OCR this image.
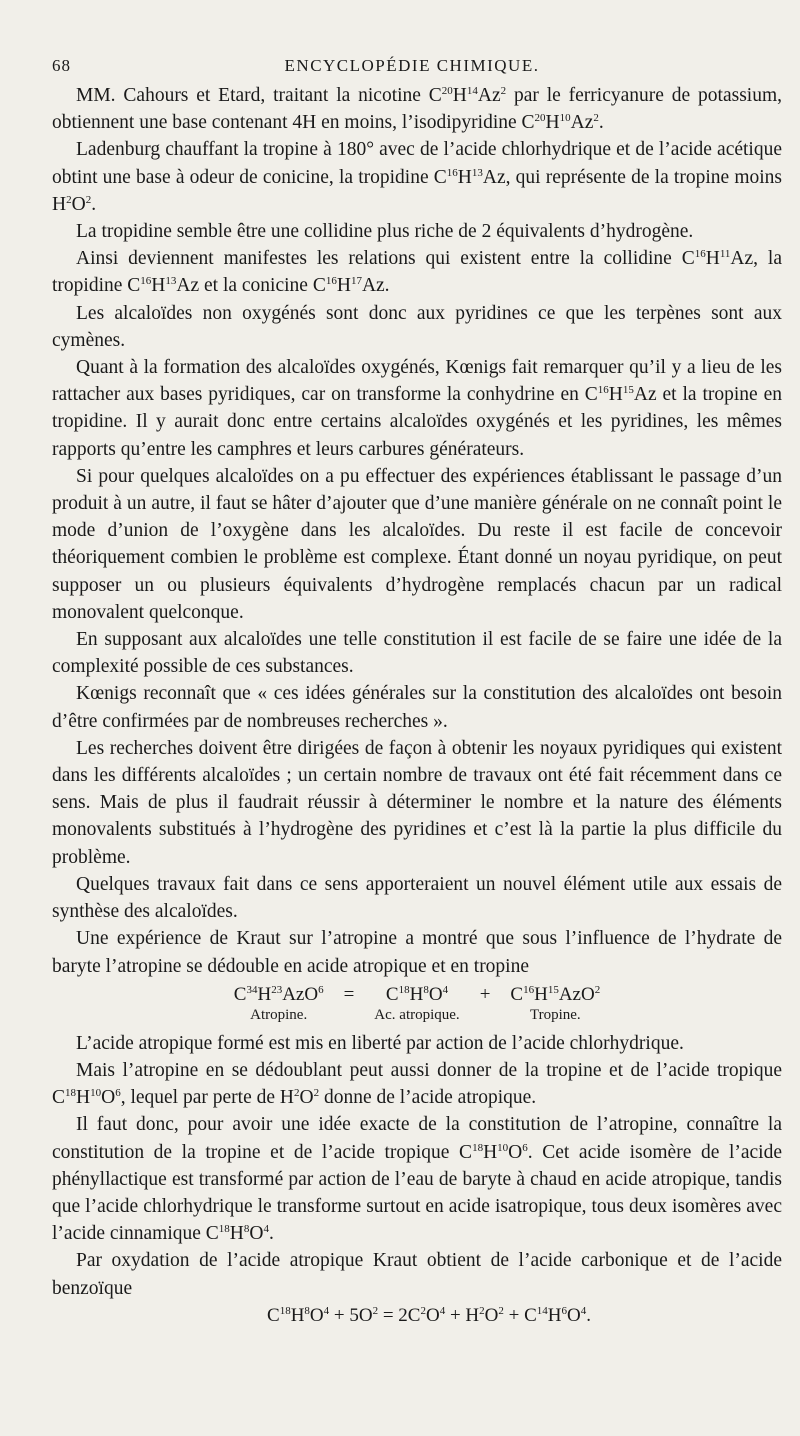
68	ENCYCLOPÉDIE CHIMIQUE.

MM. Cahours et Etard, traitant la nicotine $C^{20}H^{14}Az^2$ par le ferricyanure de potassium, obtiennent une base contenant 4H en moins, l’isodipyridine $C^{20}H^{10}Az^2$.

Ladenburg chauffant la tropine à 180° avec de l’acide chlorhydrique et de l’acide acétique obtint une base à odeur de conicine, la tropidine $C^{16}H^{13}Az$, qui représente de la tropine moins $H^2O^2$.

La tropidine semble être une collidine plus riche de 2 équivalents d’hydrogène.

Ainsi deviennent manifestes les relations qui existent entre la collidine $C^{16}H^{11}Az$, la tropidine $C^{16}H^{13}Az$ et la conicine $C^{16}H^{17}Az$.

Les alcaloïdes non oxygénés sont donc aux pyridines ce que les terpènes sont aux cymènes.

Quant à la formation des alcaloïdes oxygénés, Kœnigs fait remarquer qu’il y a lieu de les rattacher aux bases pyridiques, car on transforme la conhydrine en $C^{16}H^{15}Az$ et la tropine en tropidine. Il y aurait donc entre certains alcaloïdes oxygénés et les pyridines, les mêmes rapports qu’entre les camphres et leurs carbures générateurs.

Si pour quelques alcaloïdes on a pu effectuer des expériences établissant le passage d’un produit à un autre, il faut se hâter d’ajouter que d’une manière générale on ne connaît point le mode d’union de l’oxygène dans les alcaloïdes. Du reste il est facile de concevoir théoriquement combien le problème est complexe. Étant donné un noyau pyridique, on peut supposer un ou plusieurs équivalents d’hydrogène remplacés chacun par un radical monovalent quelconque.

En supposant aux alcaloïdes une telle constitution il est facile de se faire une idée de la complexité possible de ces substances.

Kœnigs reconnaît que « ces idées générales sur la constitution des alcaloïdes ont besoin d’être confirmées par de nombreuses recherches ».

Les recherches doivent être dirigées de façon à obtenir les noyaux pyridiques qui existent dans les différents alcaloïdes ; un certain nombre de travaux ont été fait récemment dans ce sens. Mais de plus il faudrait réussir à déterminer le nombre et la nature des éléments monovalents substitués à l’hydrogène des pyridines et c’est là la partie la plus difficile du problème.

Quelques travaux fait dans ce sens apporteraient un nouvel élément utile aux essais de synthèse des alcaloïdes.

Une expérience de Kraut sur l’atropine a montré que sous l’influence de l’hydrate de baryte l’atropine se dédouble en acide atropique et en tropine

$C^{34}H^{23}AzO^6$	=	$C^{18}H^8O^4$	+	$C^{16}H^{15}AzO^2$
Atropine.		Ac. atropique.		Tropine.

L’acide atropique formé est mis en liberté par action de l’acide chlorhydrique.

Mais l’atropine en se dédoublant peut aussi donner de la tropine et de l’acide tropique $C^{18}H^{10}O^6$, lequel par perte de $H^2O^2$ donne de l’acide atropique.

Il faut donc, pour avoir une idée exacte de la constitution de l’atropine, connaître la constitution de la tropine et de l’acide tropique $C^{18}H^{10}O^6$. Cet acide isomère de l’acide phényllactique est transformé par action de l’eau de baryte à chaud en acide atropique, tandis que l’acide chlorhydrique le transforme surtout en acide isatropique, tous deux isomères avec l’acide cinnamique $C^{18}H^8O^4$.

Par oxydation de l’acide atropique Kraut obtient de l’acide carbonique et de l’acide benzoïque

$C^{18}H^8O^4 + 5O^2 = 2C^2O^4 + H^2O^2 + C^{14}H^6O^4$.
